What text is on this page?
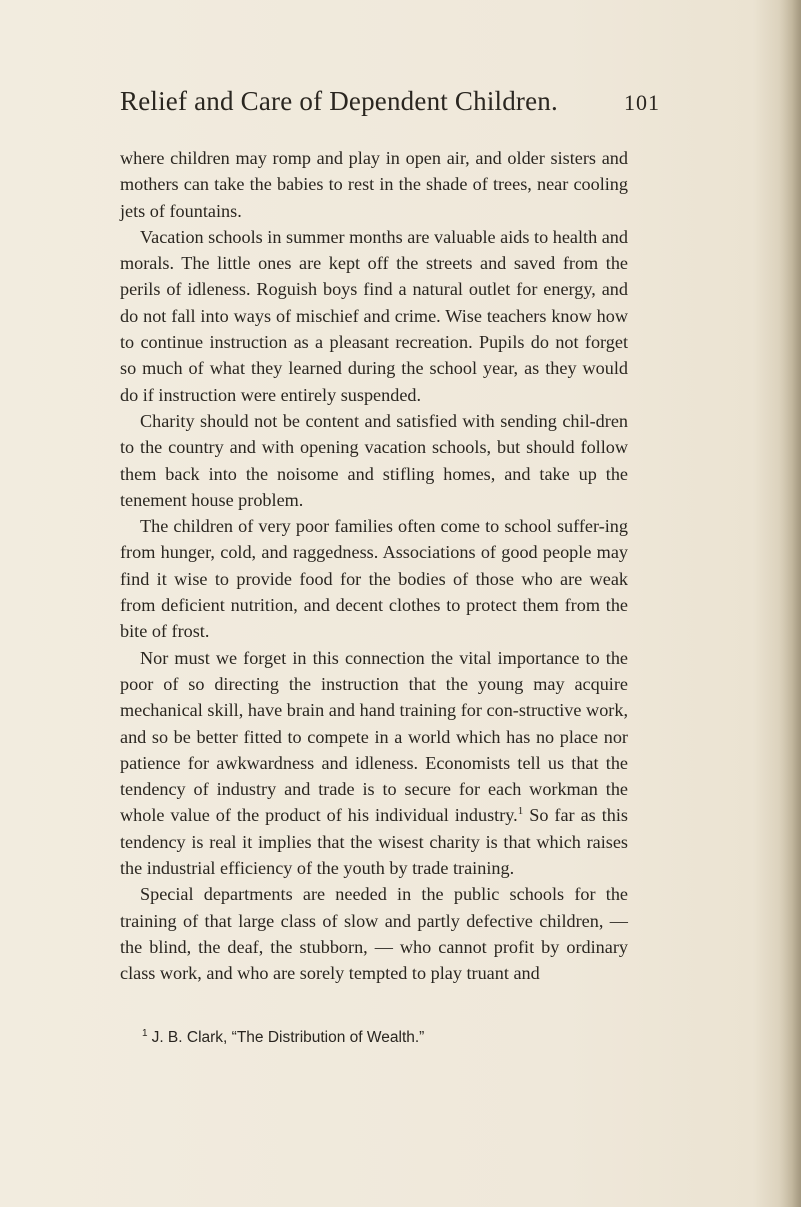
Relief and Care of Dependent Children.	101

where children may romp and play in open air, and older sisters and mothers can take the babies to rest in the shade of trees, near cooling jets of fountains.

Vacation schools in summer months are valuable aids to health and morals. The little ones are kept off the streets and saved from the perils of idleness. Roguish boys find a natural outlet for energy, and do not fall into ways of mischief and crime. Wise teachers know how to continue instruction as a pleasant recreation. Pupils do not forget so much of what they learned during the school year, as they would do if instruction were entirely suspended.

Charity should not be content and satisfied with sending chil-dren to the country and with opening vacation schools, but should follow them back into the noisome and stifling homes, and take up the tenement house problem.

The children of very poor families often come to school suffer-ing from hunger, cold, and raggedness. Associations of good people may find it wise to provide food for the bodies of those who are weak from deficient nutrition, and decent clothes to protect them from the bite of frost.

Nor must we forget in this connection the vital importance to the poor of so directing the instruction that the young may acquire mechanical skill, have brain and hand training for con-structive work, and so be better fitted to compete in a world which has no place nor patience for awkwardness and idleness. Economists tell us that the tendency of industry and trade is to secure for each workman the whole value of the product of his individual industry.$^1$ So far as this tendency is real it implies that the wisest charity is that which raises the industrial efficiency of the youth by trade training.

Special departments are needed in the public schools for the training of that large class of slow and partly defective children, — the blind, the deaf, the stubborn, — who cannot profit by ordinary class work, and who are sorely tempted to play truant and

$^1$ J. B. Clark, “The Distribution of Wealth.”
